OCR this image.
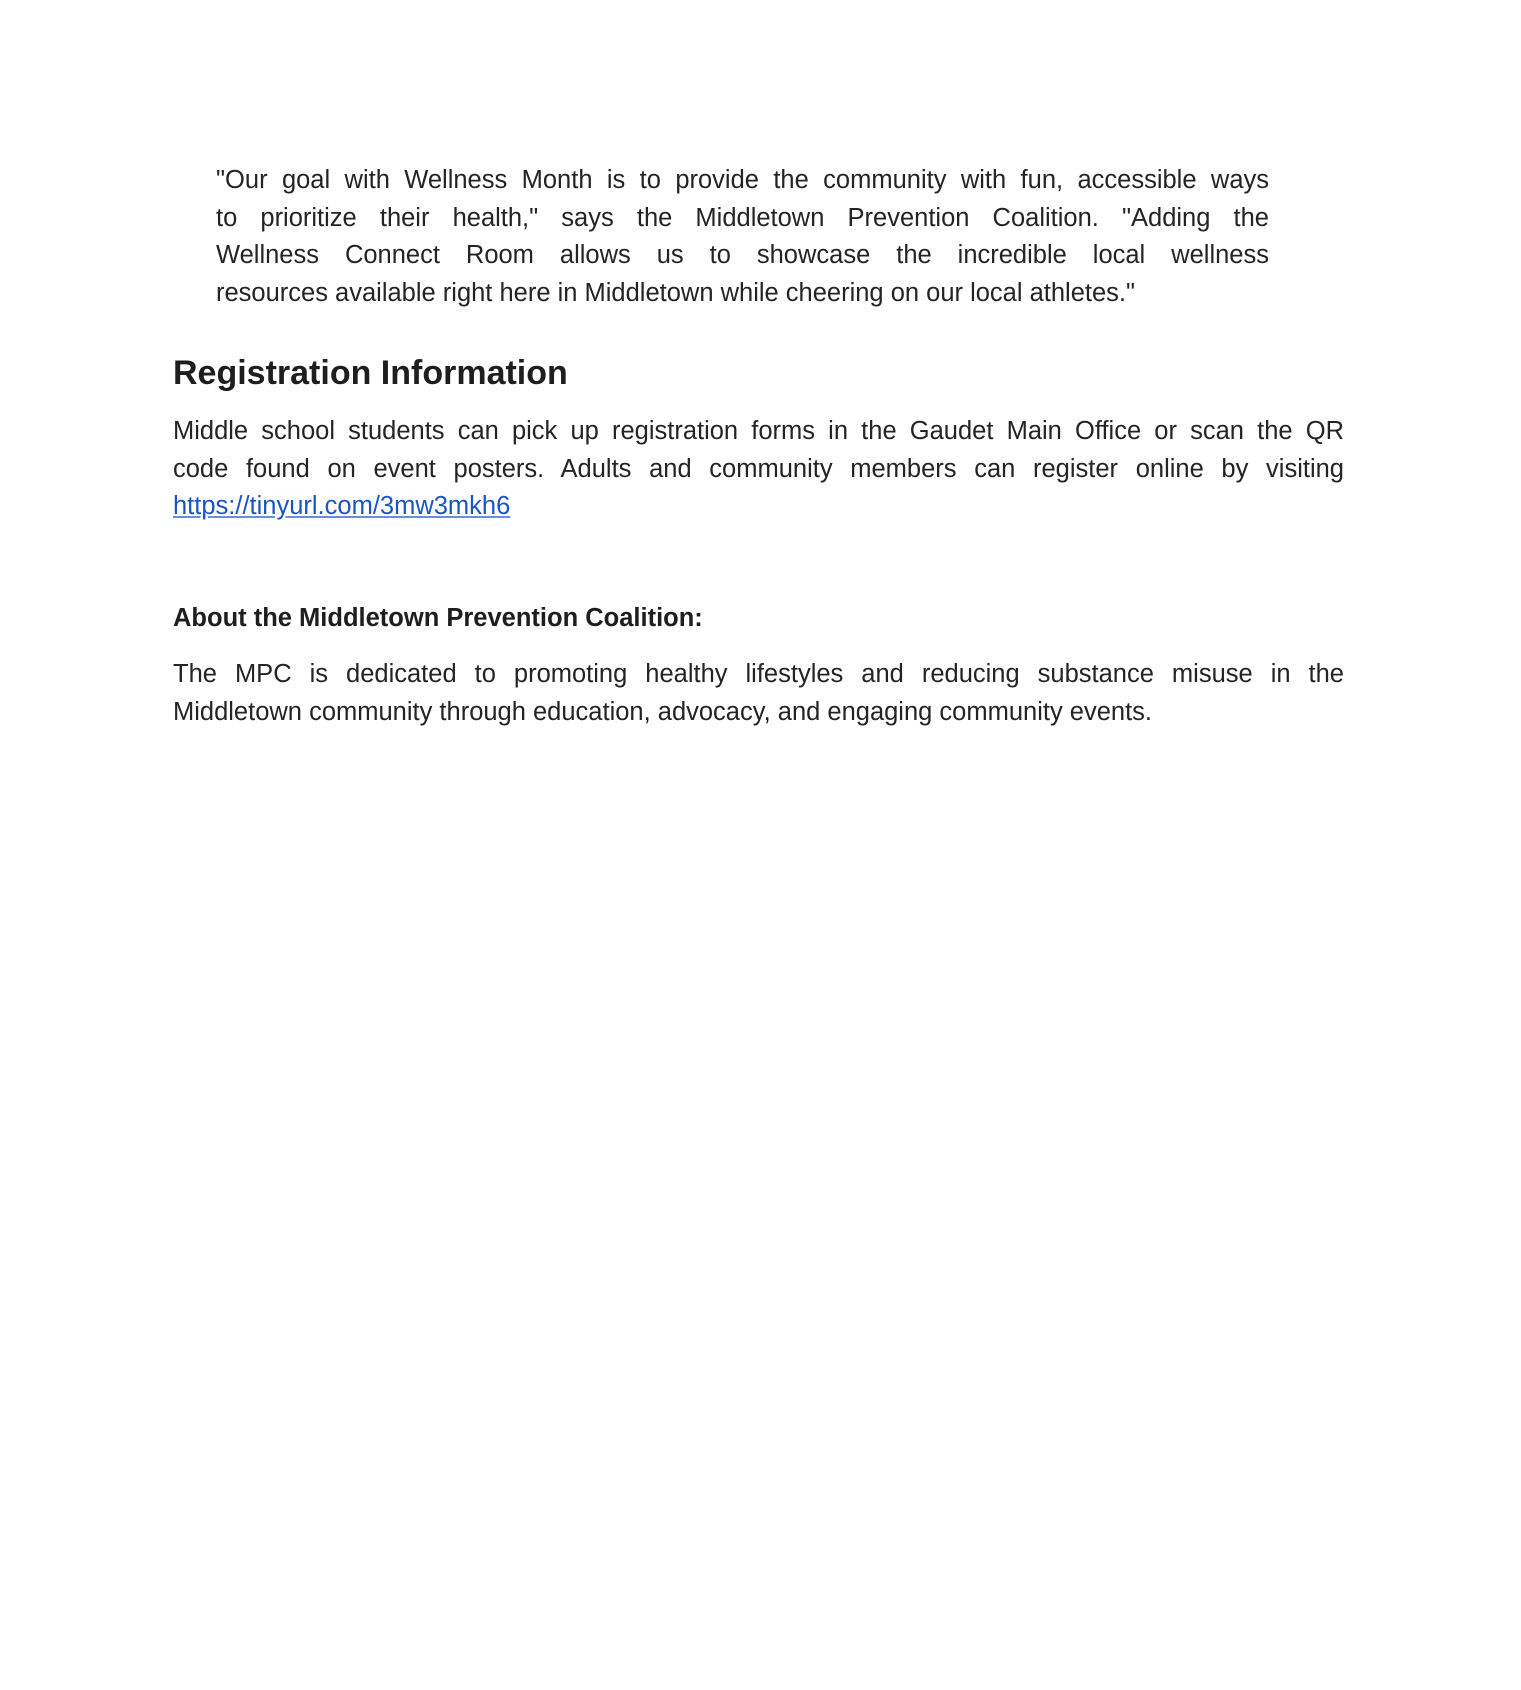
"Our goal with Wellness Month is to provide the community with fun, accessible ways
to prioritize their health," says the Middletown Prevention Coalition. "Adding the
Wellness Connect Room allows us to showcase the incredible local wellness
resources available right here in Middletown while cheering on our local athletes."
Registration Information
Middle school students can pick up registration forms in the Gaudet Main Office or scan the QR
code found on event posters. Adults and community members can register online by visiting
https://tinyurl.com/3mw3mkh6
About the Middletown Prevention Coalition:
The MPC is dedicated to promoting healthy lifestyles and reducing substance misuse in the
Middletown community through education, advocacy, and engaging community events.
